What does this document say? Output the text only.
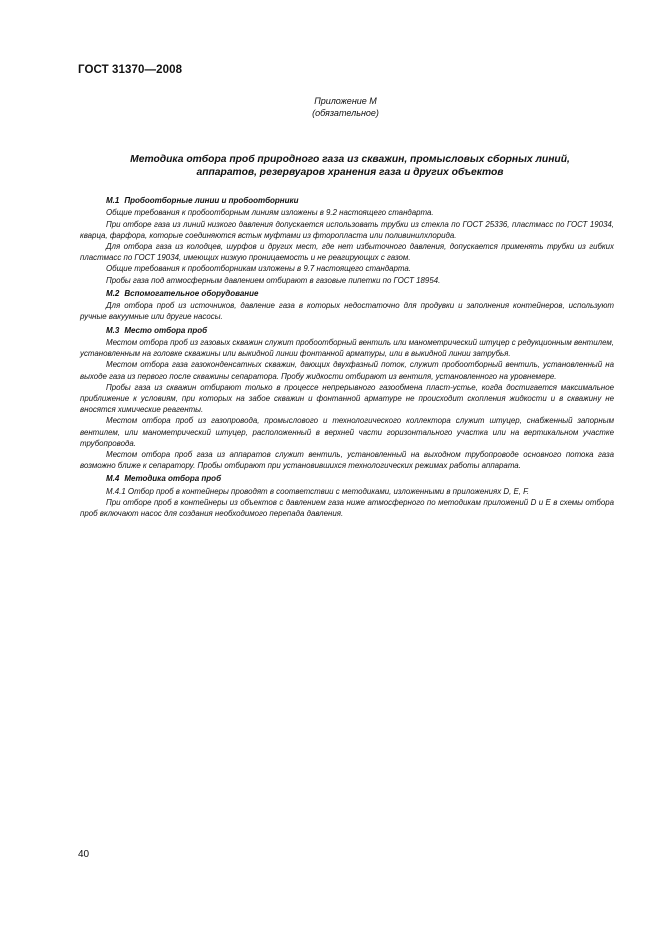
ГОСТ 31370—2008
Приложение М
(обязательное)
Методика отбора проб природного газа из скважин, промысловых сборных линий,
аппаратов, резервуаров хранения газа и других объектов
М.1 Пробоотборные линии и пробоотборники

Общие требования к пробоотборным линиям изложены в 9.2 настоящего стандарта.

При отборе газа из линий низкого давления допускается использовать трубки из стекла по ГОСТ 25336, пластмасс по ГОСТ 19034, кварца, фарфора, которые соединяются встык муфтами из фторопласта или поливинилхлорида.

Для отбора газа из колодцев, шурфов и других мест, где нет избыточного давления, допускается применять трубки из гибких пластмасс по ГОСТ 19034, имеющих низкую проницаемость и не реагирующих с газом.

Общие требования к пробоотборникам изложены в 9.7 настоящего стандарта.

Пробы газа под атмосферным давлением отбирают в газовые пипетки по ГОСТ 18954.

М.2 Вспомогательное оборудование

Для отбора проб из источников, давление газа в которых недостаточно для продувки и заполнения контейнеров, используют ручные вакуумные или другие насосы.

М.3 Место отбора проб

Местом отбора проб из газовых скважин служит пробоотборный вентиль или манометрический штуцер с редукционным вентилем, установленным на головке скважины или выкидной линии фонтанной арматуры, или в выкидной линии затрубья.

Местом отбора газа газоконденсатных скважин, дающих двухфазный поток, служит пробоотборный вентиль, установленный на выходе газа из первого после скважины сепаратора. Пробу жидкости отбирают из вентиля, установленного на уровнемере.

Пробы газа из скважин отбирают только в процессе непрерывного газообмена пласт-устье, когда достигается максимальное приближение к условиям, при которых на забое скважин и фонтанной арматуре не происходит скопления жидкости и в скважину не вносятся химические реагенты.

Местом отбора проб из газопровода, промыслового и технологического коллектора служит штуцер, снабженный запорным вентилем, или манометрический штуцер, расположенный в верхней части горизонтального участка или на вертикальном участке трубопровода.

Местом отбора проб газа из аппаратов служит вентиль, установленный на выходном трубопроводе основного потока газа возможно ближе к сепаратору. Пробы отбирают при установившихся технологических режимах работы аппарата.

М.4 Методика отбора проб

М.4.1 Отбор проб в контейнеры проводят в соответствии с методиками, изложенными в приложениях D, E, F.

При отборе проб в контейнеры из объектов с давлением газа ниже атмосферного по методикам приложений D и E в схемы отбора проб включают насос для создания необходимого перепада давления.

40
